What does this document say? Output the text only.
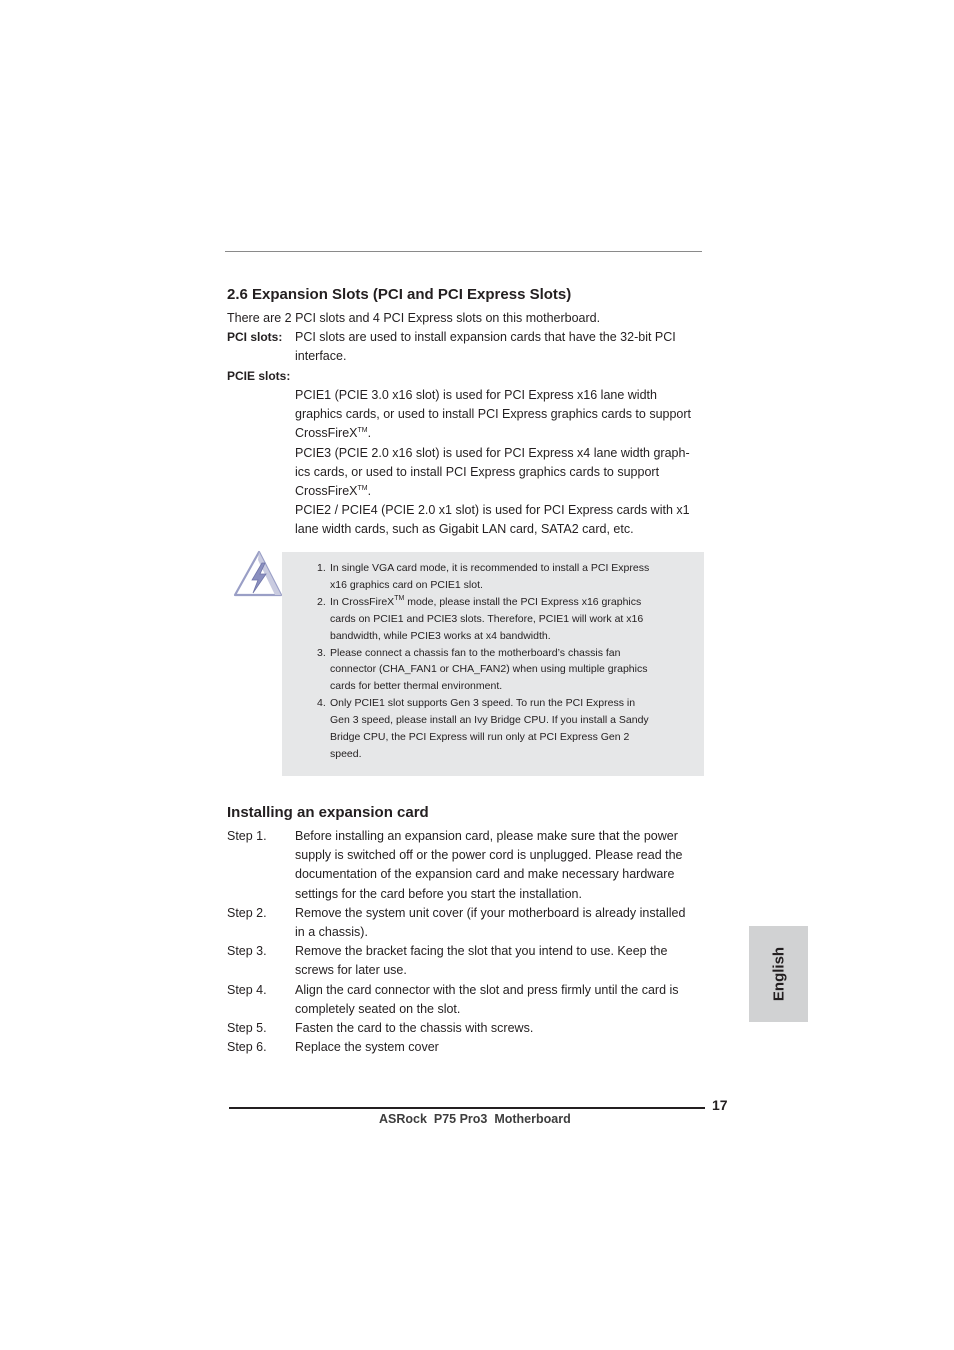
2.6 Expansion Slots (PCI and PCI Express Slots)
There are 2 PCI slots and 4 PCI Express slots on this motherboard.
PCI slots: PCI slots are used to install expansion cards that have the 32-bit PCI
interface.
PCIE slots:
PCIE1 (PCIE 3.0 x16 slot) is used for PCI Express x16 lane width
graphics cards, or used to install PCI Express graphics cards to support
CrossFireX™.
PCIE3 (PCIE 2.0 x16 slot) is used for PCI Express x4 lane width graph-
ics cards, or used to install PCI Express graphics cards to support
CrossFireX™.
PCIE2 / PCIE4 (PCIE 2.0 x1 slot) is used for PCI Express cards with x1
lane width cards, such as Gigabit LAN card, SATA2 card, etc.
1. In single VGA card mode, it is recommended to install a PCI Express
x16 graphics card on PCIE1 slot.
2. In CrossFireX™ mode, please install the PCI Express x16 graphics
cards on PCIE1 and PCIE3 slots. Therefore, PCIE1 will work at x16
bandwidth, while PCIE3 works at x4 bandwidth.
3. Please connect a chassis fan to the motherboard’s chassis fan
connector (CHA_FAN1 or CHA_FAN2) when using multiple graphics
cards for better thermal environment.
4. Only PCIE1 slot supports Gen 3 speed. To run the PCI Express in
Gen 3 speed, please install an Ivy Bridge CPU. If you install a Sandy
Bridge CPU, the PCI Express will run only at PCI Express Gen 2
speed.
Installing an expansion card
Step 1. Before installing an expansion card, please make sure that the power
supply is switched off or the power cord is unplugged. Please read the
documentation of the expansion card and make necessary hardware
settings for the card before you start the installation.
Step 2. Remove the system unit cover (if your motherboard is already installed
in a chassis).
Step 3. Remove the bracket facing the slot that you intend to use. Keep the
screws for later use.
Step 4. Align the card connector with the slot and press firmly until the card is
completely seated on the slot.
Step 5. Fasten the card to the chassis with screws.
Step 6. Replace the system cover
English
17
ASRock  P75 Pro3  Motherboard
